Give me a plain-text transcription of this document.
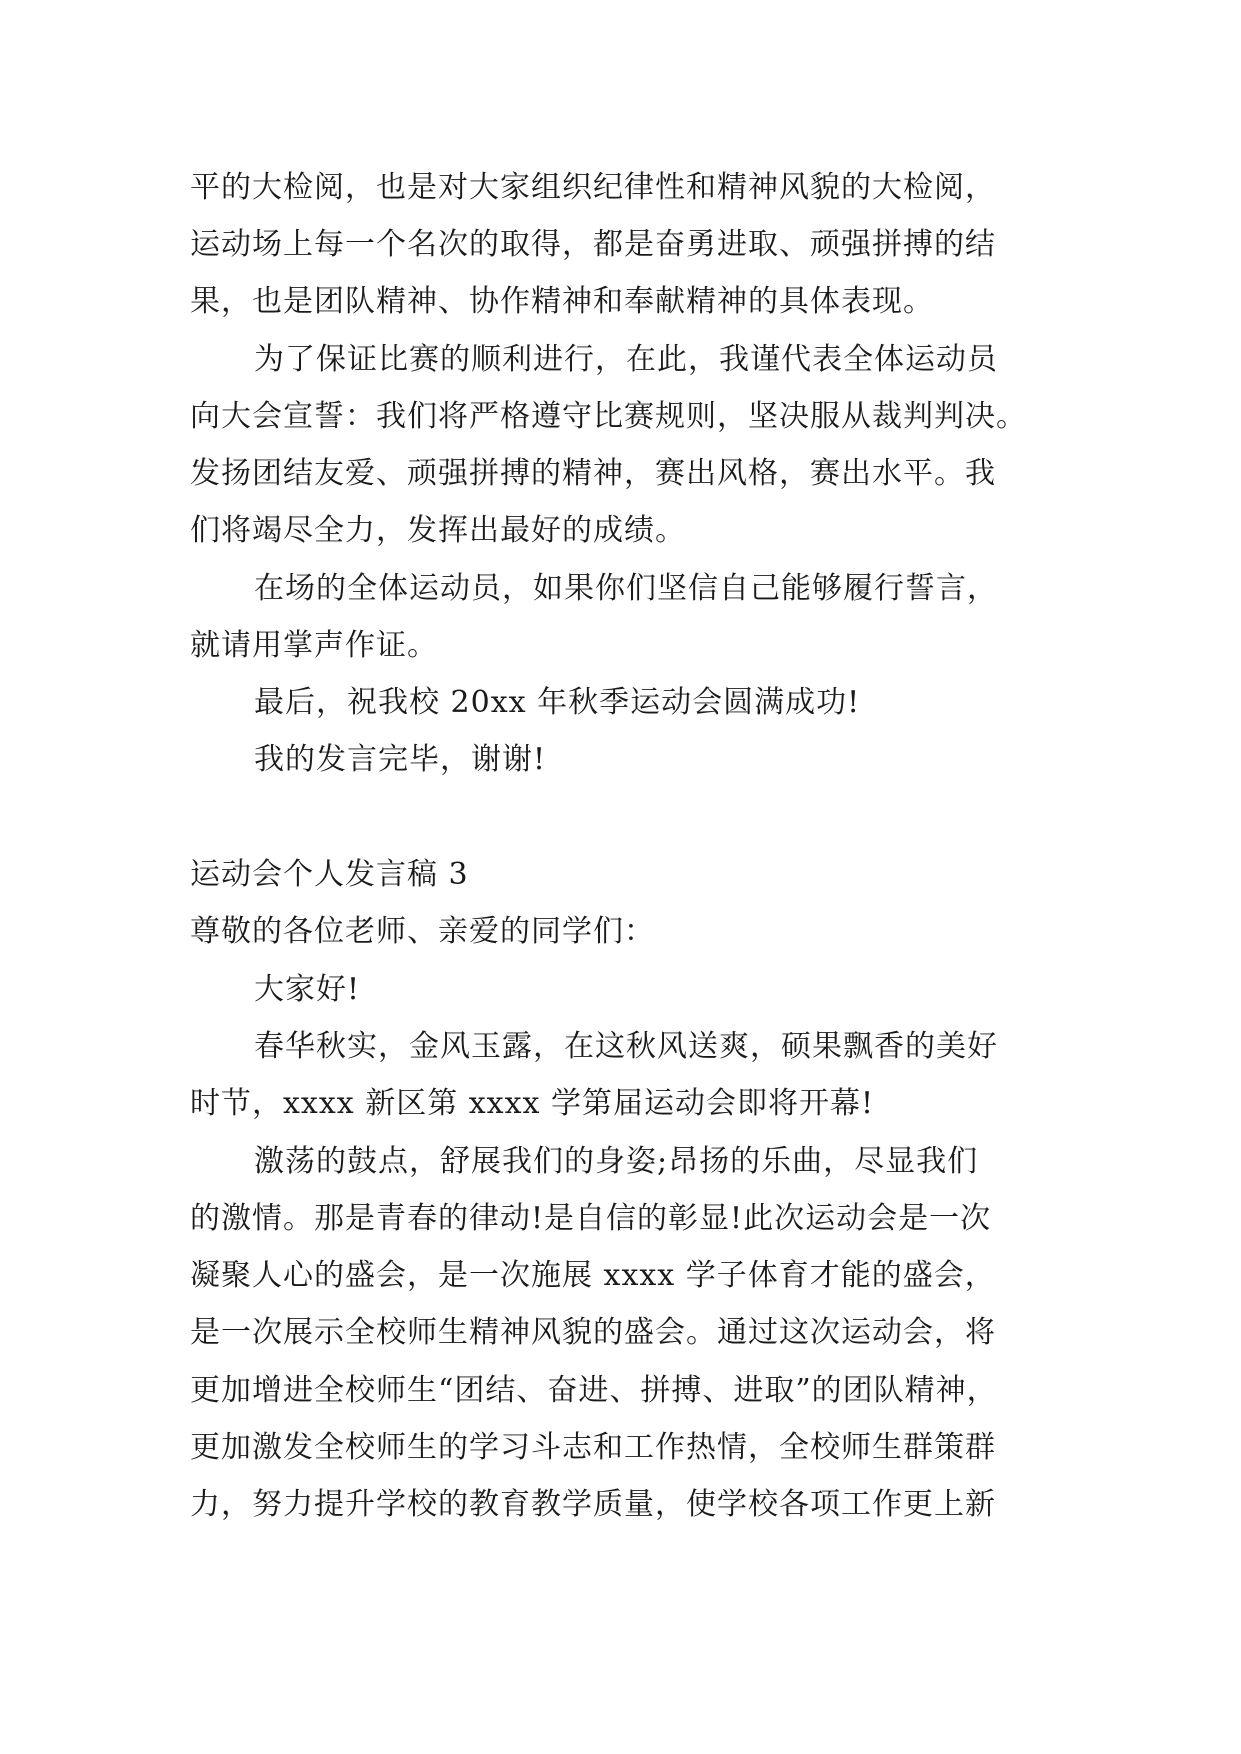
平的大检阅，也是对大家组织纪律性和精神风貌的大检阅，
运动场上每一个名次的取得，都是奋勇进取、顽强拼搏的结
果，也是团队精神、协作精神和奉献精神的具体表现。
为了保证比赛的顺利进行，在此，我谨代表全体运动员
向大会宣誓：我们将严格遵守比赛规则，坚决服从裁判判决。
发扬团结友爱、顽强拼搏的精神，赛出风格，赛出水平。我
们将竭尽全力，发挥出最好的成绩。
在场的全体运动员，如果你们坚信自己能够履行誓言，
就请用掌声作证。
最后，祝我校 20xx 年秋季运动会圆满成功!
我的发言完毕，谢谢!
运动会个人发言稿 3
尊敬的各位老师、亲爱的同学们：
大家好!
春华秋实，金风玉露，在这秋风送爽，硕果飘香的美好
时节，xxxx 新区第 xxxx 学第届运动会即将开幕!
激荡的鼓点，舒展我们的身姿;昂扬的乐曲，尽显我们
的激情。那是青春的律动!是自信的彰显!此次运动会是一次
凝聚人心的盛会，是一次施展 xxxx 学子体育才能的盛会，
是一次展示全校师生精神风貌的盛会。通过这次运动会，将
更加增进全校师生“团结、奋进、拼搏、进取”的团队精神，
更加激发全校师生的学习斗志和工作热情，全校师生群策群
力，努力提升学校的教育教学质量，使学校各项工作更上新
